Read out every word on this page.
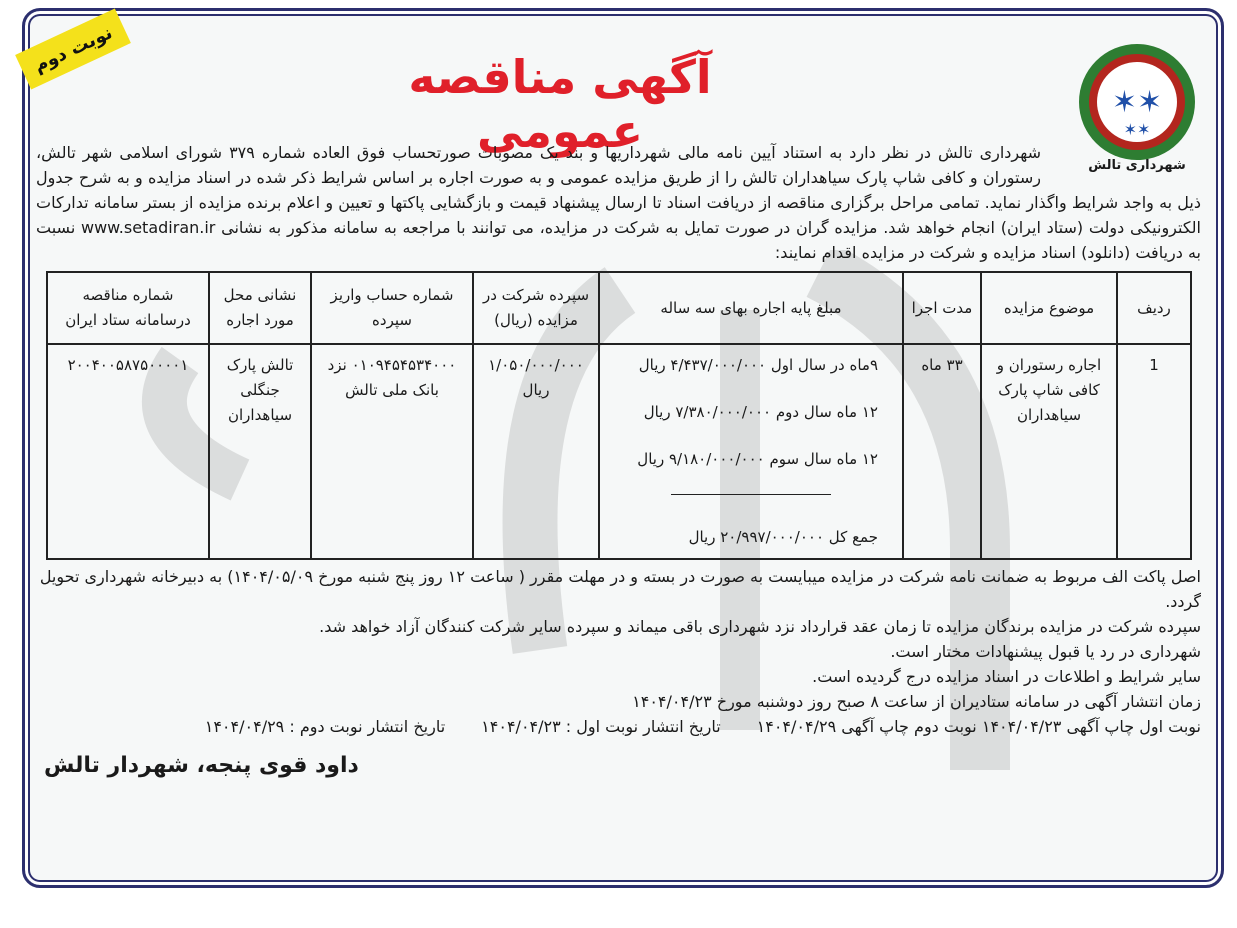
نوبت دوم
آگهی مناقصه عمومی
✶✶
✶✶
شهرداری تالش

شهرداری تالش در نظر دارد به استناد آیین نامه مالی شهرداریها و بند یک مصوبات صورتحساب فوق العاده شماره ۳۷۹ شورای اسلامی شهر تالش، رستوران و کافی شاپ پارک سیاهداران تالش را از طریق مزایده عمومی و به صورت اجاره بر اساس شرایط ذکر شده در اسناد مزایده و به شرح جدول ذیل به واجد شرایط واگذار نماید. تمامی مراحل برگزاری مناقصه از دریافت اسناد تا ارسال پیشنهاد قیمت و بازگشایی پاکتها و تعیین و اعلام برنده مزایده از بستر سامانه تدارکات الکترونیکی دولت (ستاد ایران) انجام خواهد شد. مزایده گران در صورت تمایل به شرکت در مزایده، می توانند با مراجعه به سامانه مذکور به نشانی www.setadiran.ir نسبت به دریافت (دانلود) اسناد مزایده و شرکت در مزایده اقدام نمایند:

ردیف	موضوع مزایده	مدت اجرا	مبلغ پایه اجاره بهای سه ساله	سپرده شرکت در مزایده (ریال)	شماره حساب واریز سپرده	نشانی محل مورد اجاره	شماره مناقصه درسامانه ستاد ایران
1	اجاره رستوران و کافی شاپ پارک سیاهداران	۳۳ ماه	۹ماه در سال اول ۴/۴۳۷/۰۰۰/۰۰۰ ریال
۱۲ ماه سال دوم ۷/۳۸۰/۰۰۰/۰۰۰ ریال
۱۲ ماه سال سوم ۹/۱۸۰/۰۰۰/۰۰۰ ریال
جمع کل ۲۰/۹۹۷/۰۰۰/۰۰۰ ریال	۱/۰۵۰/۰۰۰/۰۰۰ ریال	۰۱۰۹۴۵۴۵۳۴۰۰۰ نزد بانک ملی تالش	تالش پارک جنگلی سیاهداران	۲۰۰۴۰۰۵۸۷۵۰۰۰۰۱

اصل پاکت الف مربوط به ضمانت نامه شرکت در مزایده میبایست به صورت در بسته و در مهلت مقرر ( ساعت ۱۲ روز پنج شنبه مورخ ۱۴۰۴/۰۵/۰۹) به دبیرخانه شهرداری تحویل گردد.

سپرده شرکت در مزایده برندگان مزایده تا زمان عقد قرارداد نزد شهرداری باقی میماند و سپرده سایر شرکت کنندگان آزاد خواهد شد.

شهرداری در رد یا قبول پیشنهادات مختار است.

سایر شرایط و اطلاعات در اسناد مزایده درج گردیده است.

زمان انتشار آگهی در سامانه ستادیران از ساعت ۸ صبح روز دوشنبه مورخ ۱۴۰۴/۰۴/۲۳

نوبت اول چاپ آگهی ۱۴۰۴/۰۴/۲۳ نوبت دوم چاپ آگهی ۱۴۰۴/۰۴/۲۹
تاریخ انتشار نوبت اول : ۱۴۰۴/۰۴/۲۳
تاریخ انتشار نوبت دوم : ۱۴۰۴/۰۴/۲۹

داود قوی پنجه، شهردار تالش
